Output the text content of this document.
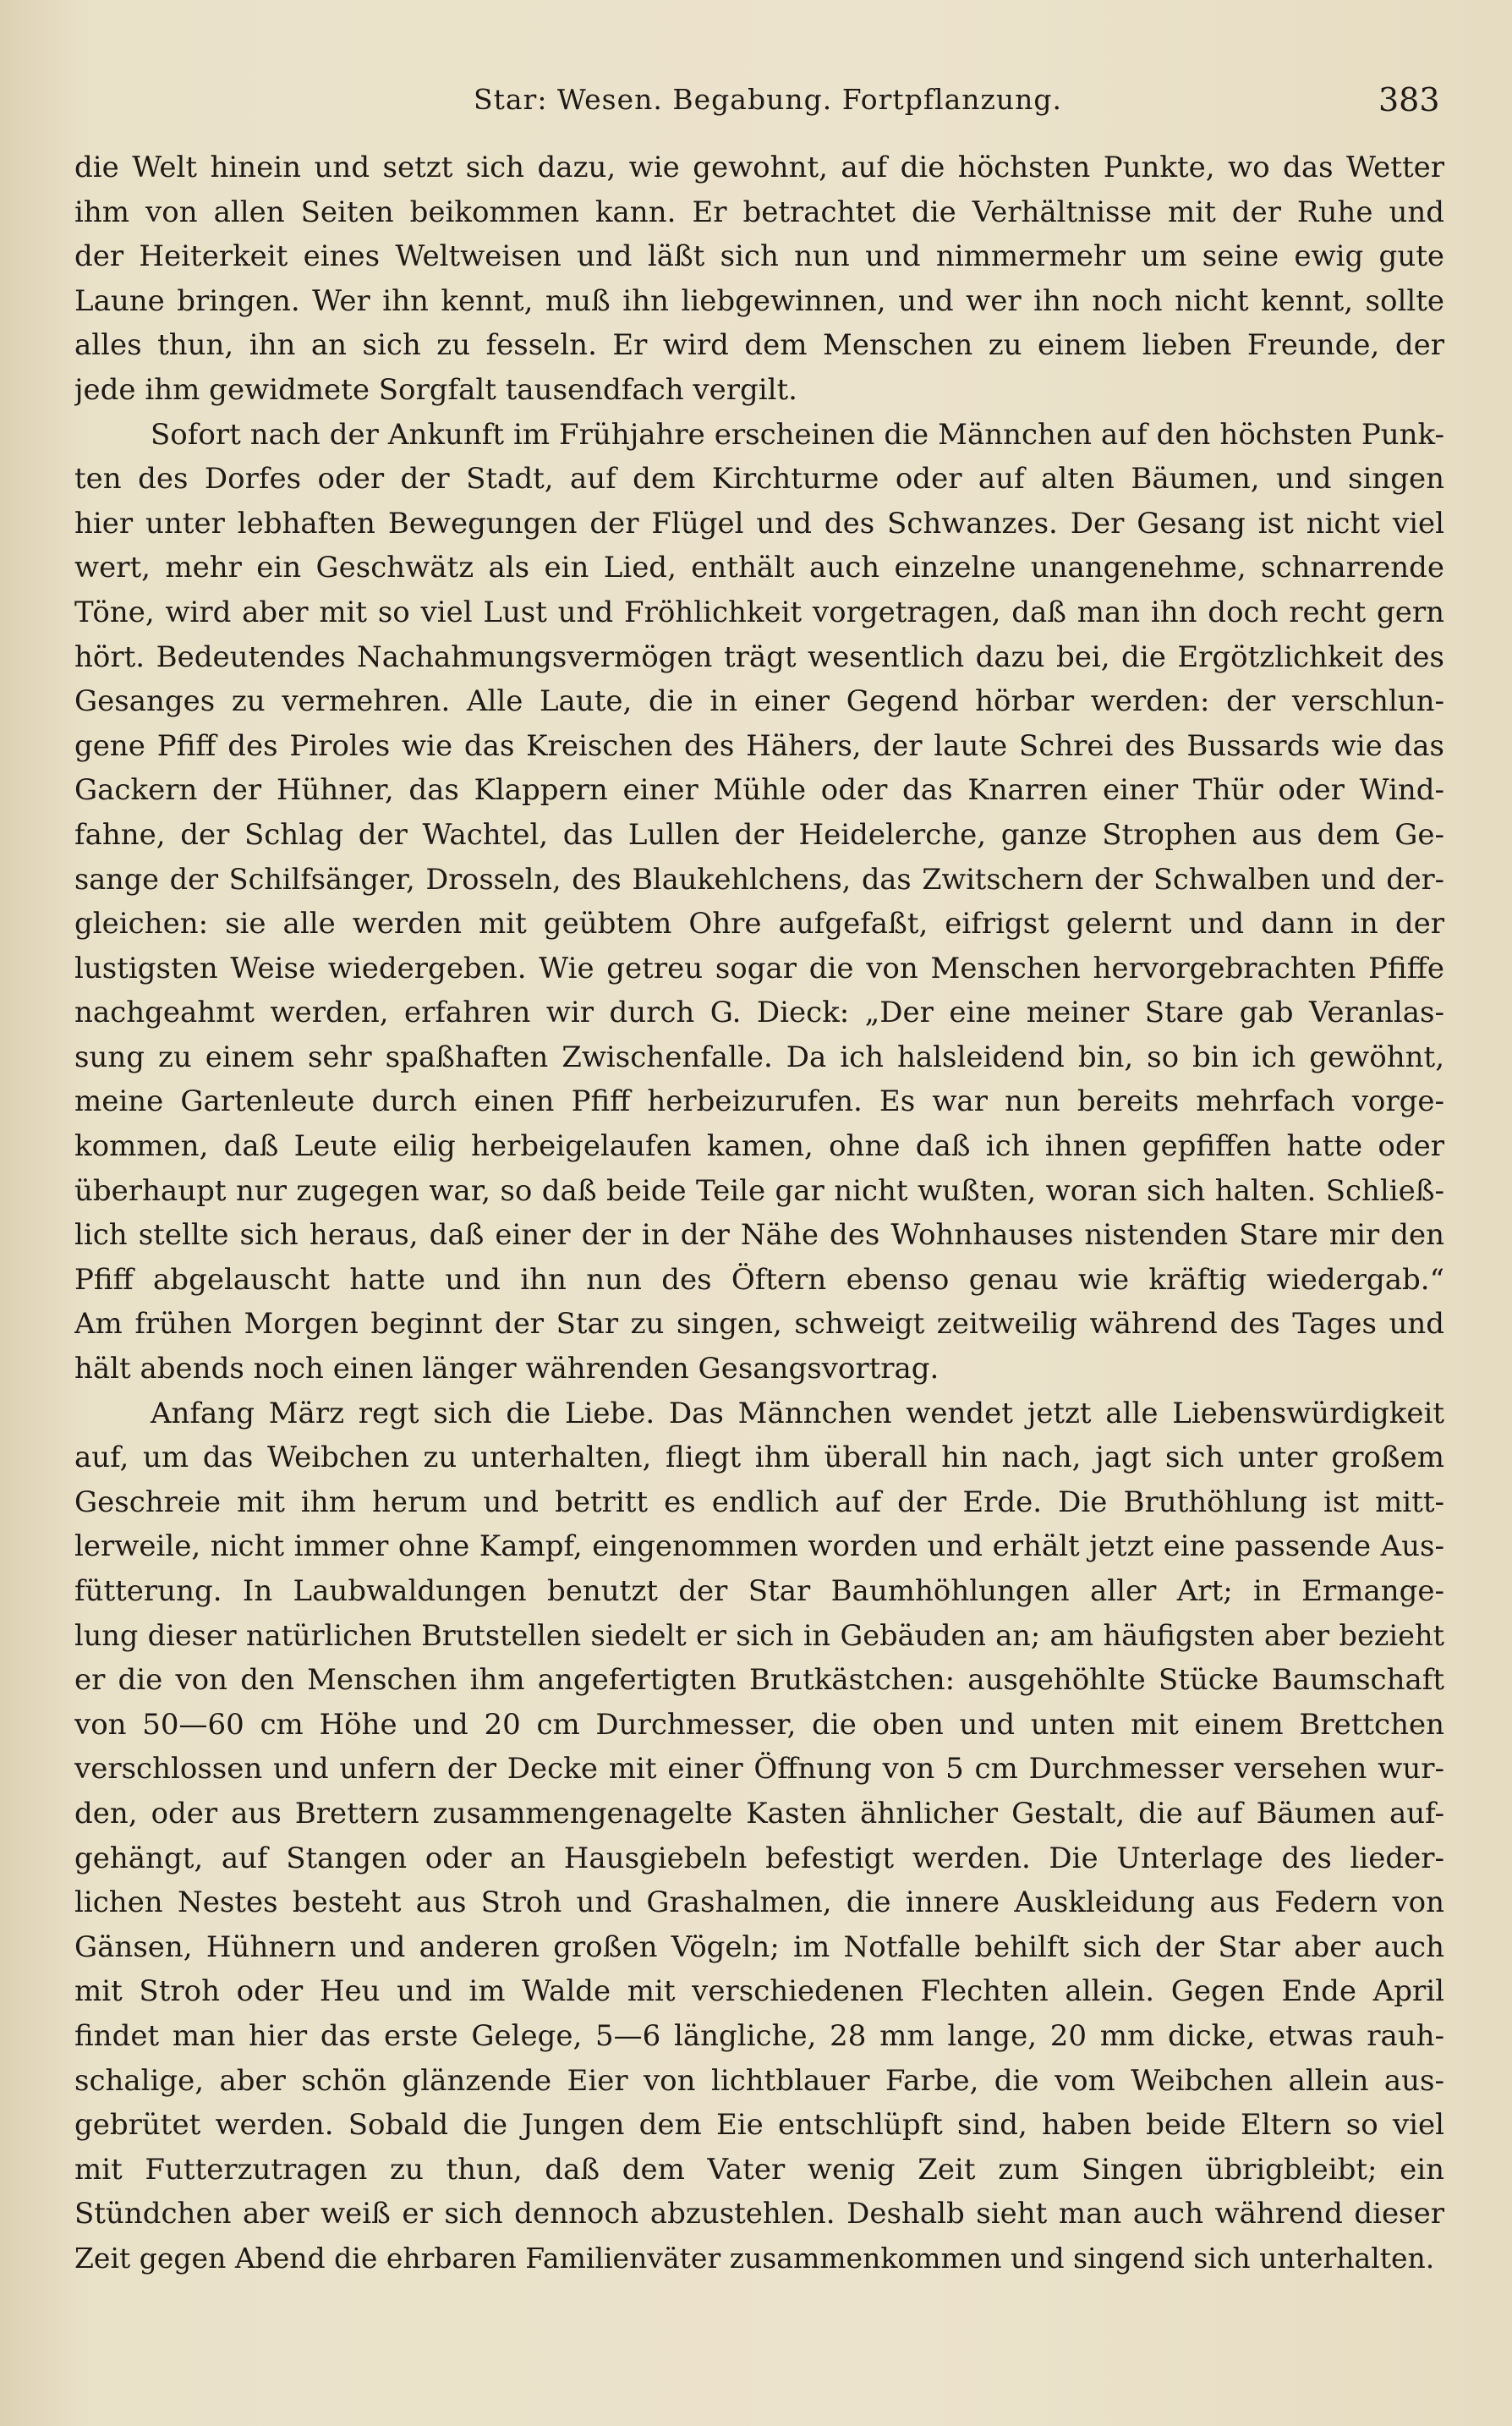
Star: Wesen. Begabung. Fortpflanzung.	383
die Welt hinein und setzt sich dazu, wie gewohnt, auf die höchsten Punkte, wo das Wetter
ihm von allen Seiten beikommen kann. Er betrachtet die Verhältnisse mit der Ruhe und
der Heiterkeit eines Weltweisen und läßt sich nun und nimmermehr um seine ewig gute
Laune bringen. Wer ihn kennt, muß ihn liebgewinnen, und wer ihn noch nicht kennt, sollte
alles thun, ihn an sich zu fesseln. Er wird dem Menschen zu einem lieben Freunde, der
jede ihm gewidmete Sorgfalt tausendfach vergilt.
Sofort nach der Ankunft im Frühjahre erscheinen die Männchen auf den höchsten Punk-
ten des Dorfes oder der Stadt, auf dem Kirchturme oder auf alten Bäumen, und singen
hier unter lebhaften Bewegungen der Flügel und des Schwanzes. Der Gesang ist nicht viel
wert, mehr ein Geschwätz als ein Lied, enthält auch einzelne unangenehme, schnarrende
Töne, wird aber mit so viel Lust und Fröhlichkeit vorgetragen, daß man ihn doch recht gern
hört. Bedeutendes Nachahmungsvermögen trägt wesentlich dazu bei, die Ergötzlichkeit des
Gesanges zu vermehren. Alle Laute, die in einer Gegend hörbar werden: der verschlun-
gene Pfiff des Piroles wie das Kreischen des Hähers, der laute Schrei des Bussards wie das
Gackern der Hühner, das Klappern einer Mühle oder das Knarren einer Thür oder Wind-
fahne, der Schlag der Wachtel, das Lullen der Heidelerche, ganze Strophen aus dem Ge-
sange der Schilfsänger, Drosseln, des Blaukehlchens, das Zwitschern der Schwalben und der-
gleichen: sie alle werden mit geübtem Ohre aufgefaßt, eifrigst gelernt und dann in der
lustigsten Weise wiedergeben. Wie getreu sogar die von Menschen hervorgebrachten Pfiffe
nachgeahmt werden, erfahren wir durch G. Dieck: „Der eine meiner Stare gab Veranlas-
sung zu einem sehr spaßhaften Zwischenfalle. Da ich halsleidend bin, so bin ich gewöhnt,
meine Gartenleute durch einen Pfiff herbeizurufen. Es war nun bereits mehrfach vorge-
kommen, daß Leute eilig herbeigelaufen kamen, ohne daß ich ihnen gepfiffen hatte oder
überhaupt nur zugegen war, so daß beide Teile gar nicht wußten, woran sich halten. Schließ-
lich stellte sich heraus, daß einer der in der Nähe des Wohnhauses nistenden Stare mir den
Pfiff abgelauscht hatte und ihn nun des Öftern ebenso genau wie kräftig wiedergab.“
Am frühen Morgen beginnt der Star zu singen, schweigt zeitweilig während des Tages und
hält abends noch einen länger währenden Gesangsvortrag.
Anfang März regt sich die Liebe. Das Männchen wendet jetzt alle Liebenswürdigkeit
auf, um das Weibchen zu unterhalten, fliegt ihm überall hin nach, jagt sich unter großem
Geschreie mit ihm herum und betritt es endlich auf der Erde. Die Bruthöhlung ist mitt-
lerweile, nicht immer ohne Kampf, eingenommen worden und erhält jetzt eine passende Aus-
fütterung. In Laubwaldungen benutzt der Star Baumhöhlungen aller Art; in Ermange-
lung dieser natürlichen Brutstellen siedelt er sich in Gebäuden an; am häufigsten aber bezieht
er die von den Menschen ihm angefertigten Brutkästchen: ausgehöhlte Stücke Baumschaft
von 50—60 cm Höhe und 20 cm Durchmesser, die oben und unten mit einem Brettchen
verschlossen und unfern der Decke mit einer Öffnung von 5 cm Durchmesser versehen wur-
den, oder aus Brettern zusammengenagelte Kasten ähnlicher Gestalt, die auf Bäumen auf-
gehängt, auf Stangen oder an Hausgiebeln befestigt werden. Die Unterlage des lieder-
lichen Nestes besteht aus Stroh und Grashalmen, die innere Auskleidung aus Federn von
Gänsen, Hühnern und anderen großen Vögeln; im Notfalle behilft sich der Star aber auch
mit Stroh oder Heu und im Walde mit verschiedenen Flechten allein. Gegen Ende April
findet man hier das erste Gelege, 5—6 längliche, 28 mm lange, 20 mm dicke, etwas rauh-
schalige, aber schön glänzende Eier von lichtblauer Farbe, die vom Weibchen allein aus-
gebrütet werden. Sobald die Jungen dem Eie entschlüpft sind, haben beide Eltern so viel
mit Futterzutragen zu thun, daß dem Vater wenig Zeit zum Singen übrigbleibt; ein
Stündchen aber weiß er sich dennoch abzustehlen. Deshalb sieht man auch während dieser
Zeit gegen Abend die ehrbaren Familienväter zusammenkommen und singend sich unterhalten.
